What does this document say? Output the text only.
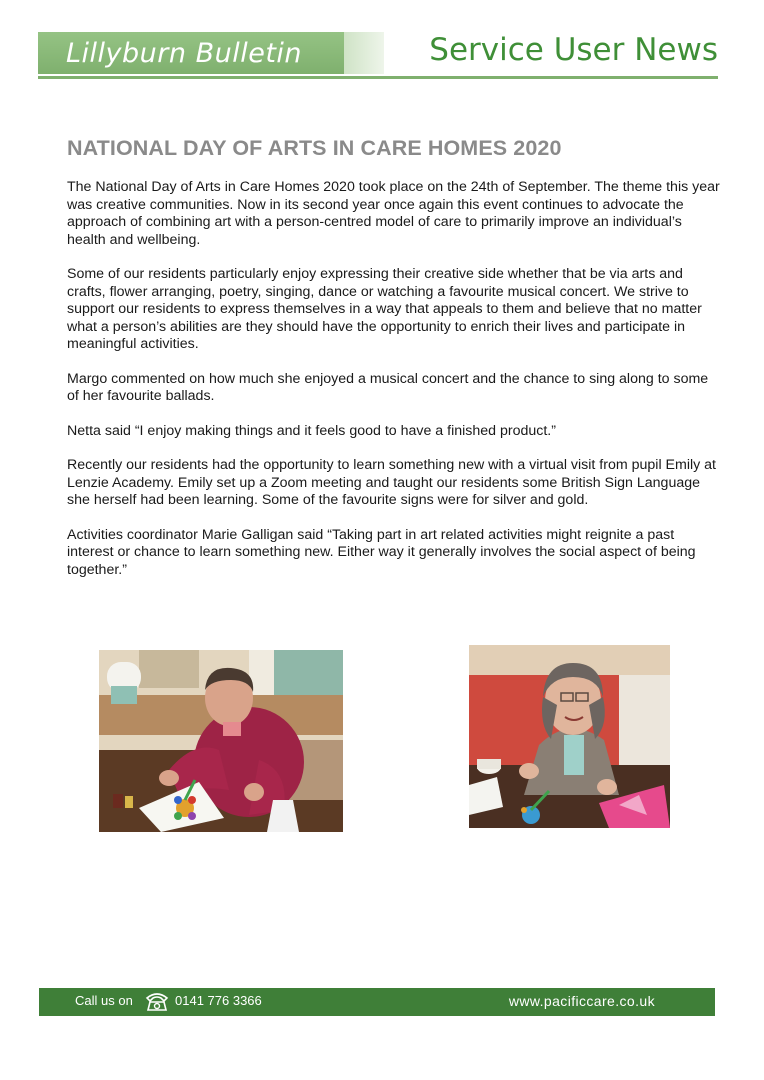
Lillyburn Bulletin	Service User News
NATIONAL DAY OF ARTS IN CARE HOMES 2020

The National Day of Arts in Care Homes 2020 took place on the 24th of September. The theme this year was creative communities. Now in its second year once again this event continues to advocate the approach of combining art with a person-centred model of care to primarily improve an individual’s health and wellbeing.

Some of our residents particularly enjoy expressing their creative side whether that be via arts and crafts, flower arranging, poetry, singing, dance or watching a favourite musical concert. We strive to support our residents to express themselves in a way that appeals to them and believe that no matter what a person’s abilities are they should have the opportunity to enrich their lives and participate in meaningful activities.

Margo commented on how much she enjoyed a musical concert and the chance to sing along to some of her favourite ballads.

Netta said “I enjoy making things and it feels good to have a finished product.”

Recently our residents had the opportunity to learn something new with a virtual visit from pupil Emily at Lenzie Academy. Emily set up a Zoom meeting and taught our residents some British Sign Language she herself had been learning. Some of the favourite signs were for silver and gold.

Activities coordinator Marie Galligan said “Taking part in art related activities might reignite a past interest or chance to learn something new. Either way it generally involves the social aspect of being together.”

Call us on	0141 776 3366	www.pacificcare.co.uk
